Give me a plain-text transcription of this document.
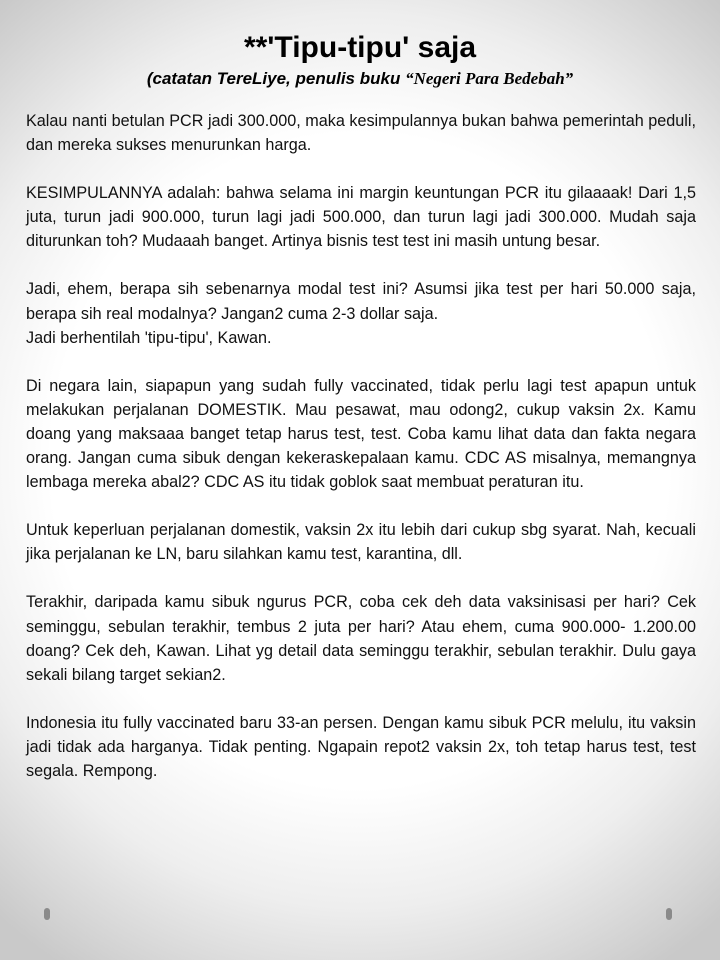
**'Tipu-tipu' saja
(catatan TereLiye, penulis buku “Negeri Para Bedebah”

Kalau nanti betulan PCR jadi 300.000, maka kesimpulannya bukan bahwa pemerintah peduli, dan mereka sukses menurunkan harga.

KESIMPULANNYA adalah: bahwa selama ini margin keuntungan PCR itu gilaaaak! Dari 1,5 juta, turun jadi 900.000, turun lagi jadi 500.000, dan turun lagi jadi 300.000. Mudah saja diturunkan toh? Mudaaah banget. Artinya bisnis test test ini masih untung besar.

Jadi, ehem, berapa sih sebenarnya modal test ini? Asumsi jika test per hari 50.000 saja, berapa sih real modalnya? Jangan2 cuma 2-3 dollar saja.

Jadi berhentilah 'tipu-tipu', Kawan.

Di negara lain, siapapun yang sudah fully vaccinated, tidak perlu lagi test apapun untuk melakukan perjalanan DOMESTIK. Mau pesawat, mau odong2, cukup vaksin 2x. Kamu doang yang maksaaa banget tetap harus test, test. Coba kamu lihat data dan fakta negara orang. Jangan cuma sibuk dengan kekeraskepalaan kamu. CDC AS misalnya, memangnya lembaga mereka abal2? CDC AS itu tidak goblok saat membuat peraturan itu.

Untuk keperluan perjalanan domestik, vaksin 2x itu lebih dari cukup sbg syarat. Nah, kecuali jika perjalanan ke LN, baru silahkan kamu test, karantina, dll.

Terakhir, daripada kamu sibuk ngurus PCR, coba cek deh data vaksinisasi per hari? Cek seminggu, sebulan terakhir, tembus 2 juta per hari? Atau ehem, cuma 900.000- 1.200.00 doang? Cek deh, Kawan. Lihat yg detail data seminggu terakhir, sebulan terakhir. Dulu gaya sekali bilang target sekian2.

Indonesia itu fully vaccinated baru 33-an persen. Dengan kamu sibuk PCR melulu, itu vaksin jadi tidak ada harganya. Tidak penting. Ngapain repot2 vaksin 2x, toh tetap harus test, test segala. Rempong.
